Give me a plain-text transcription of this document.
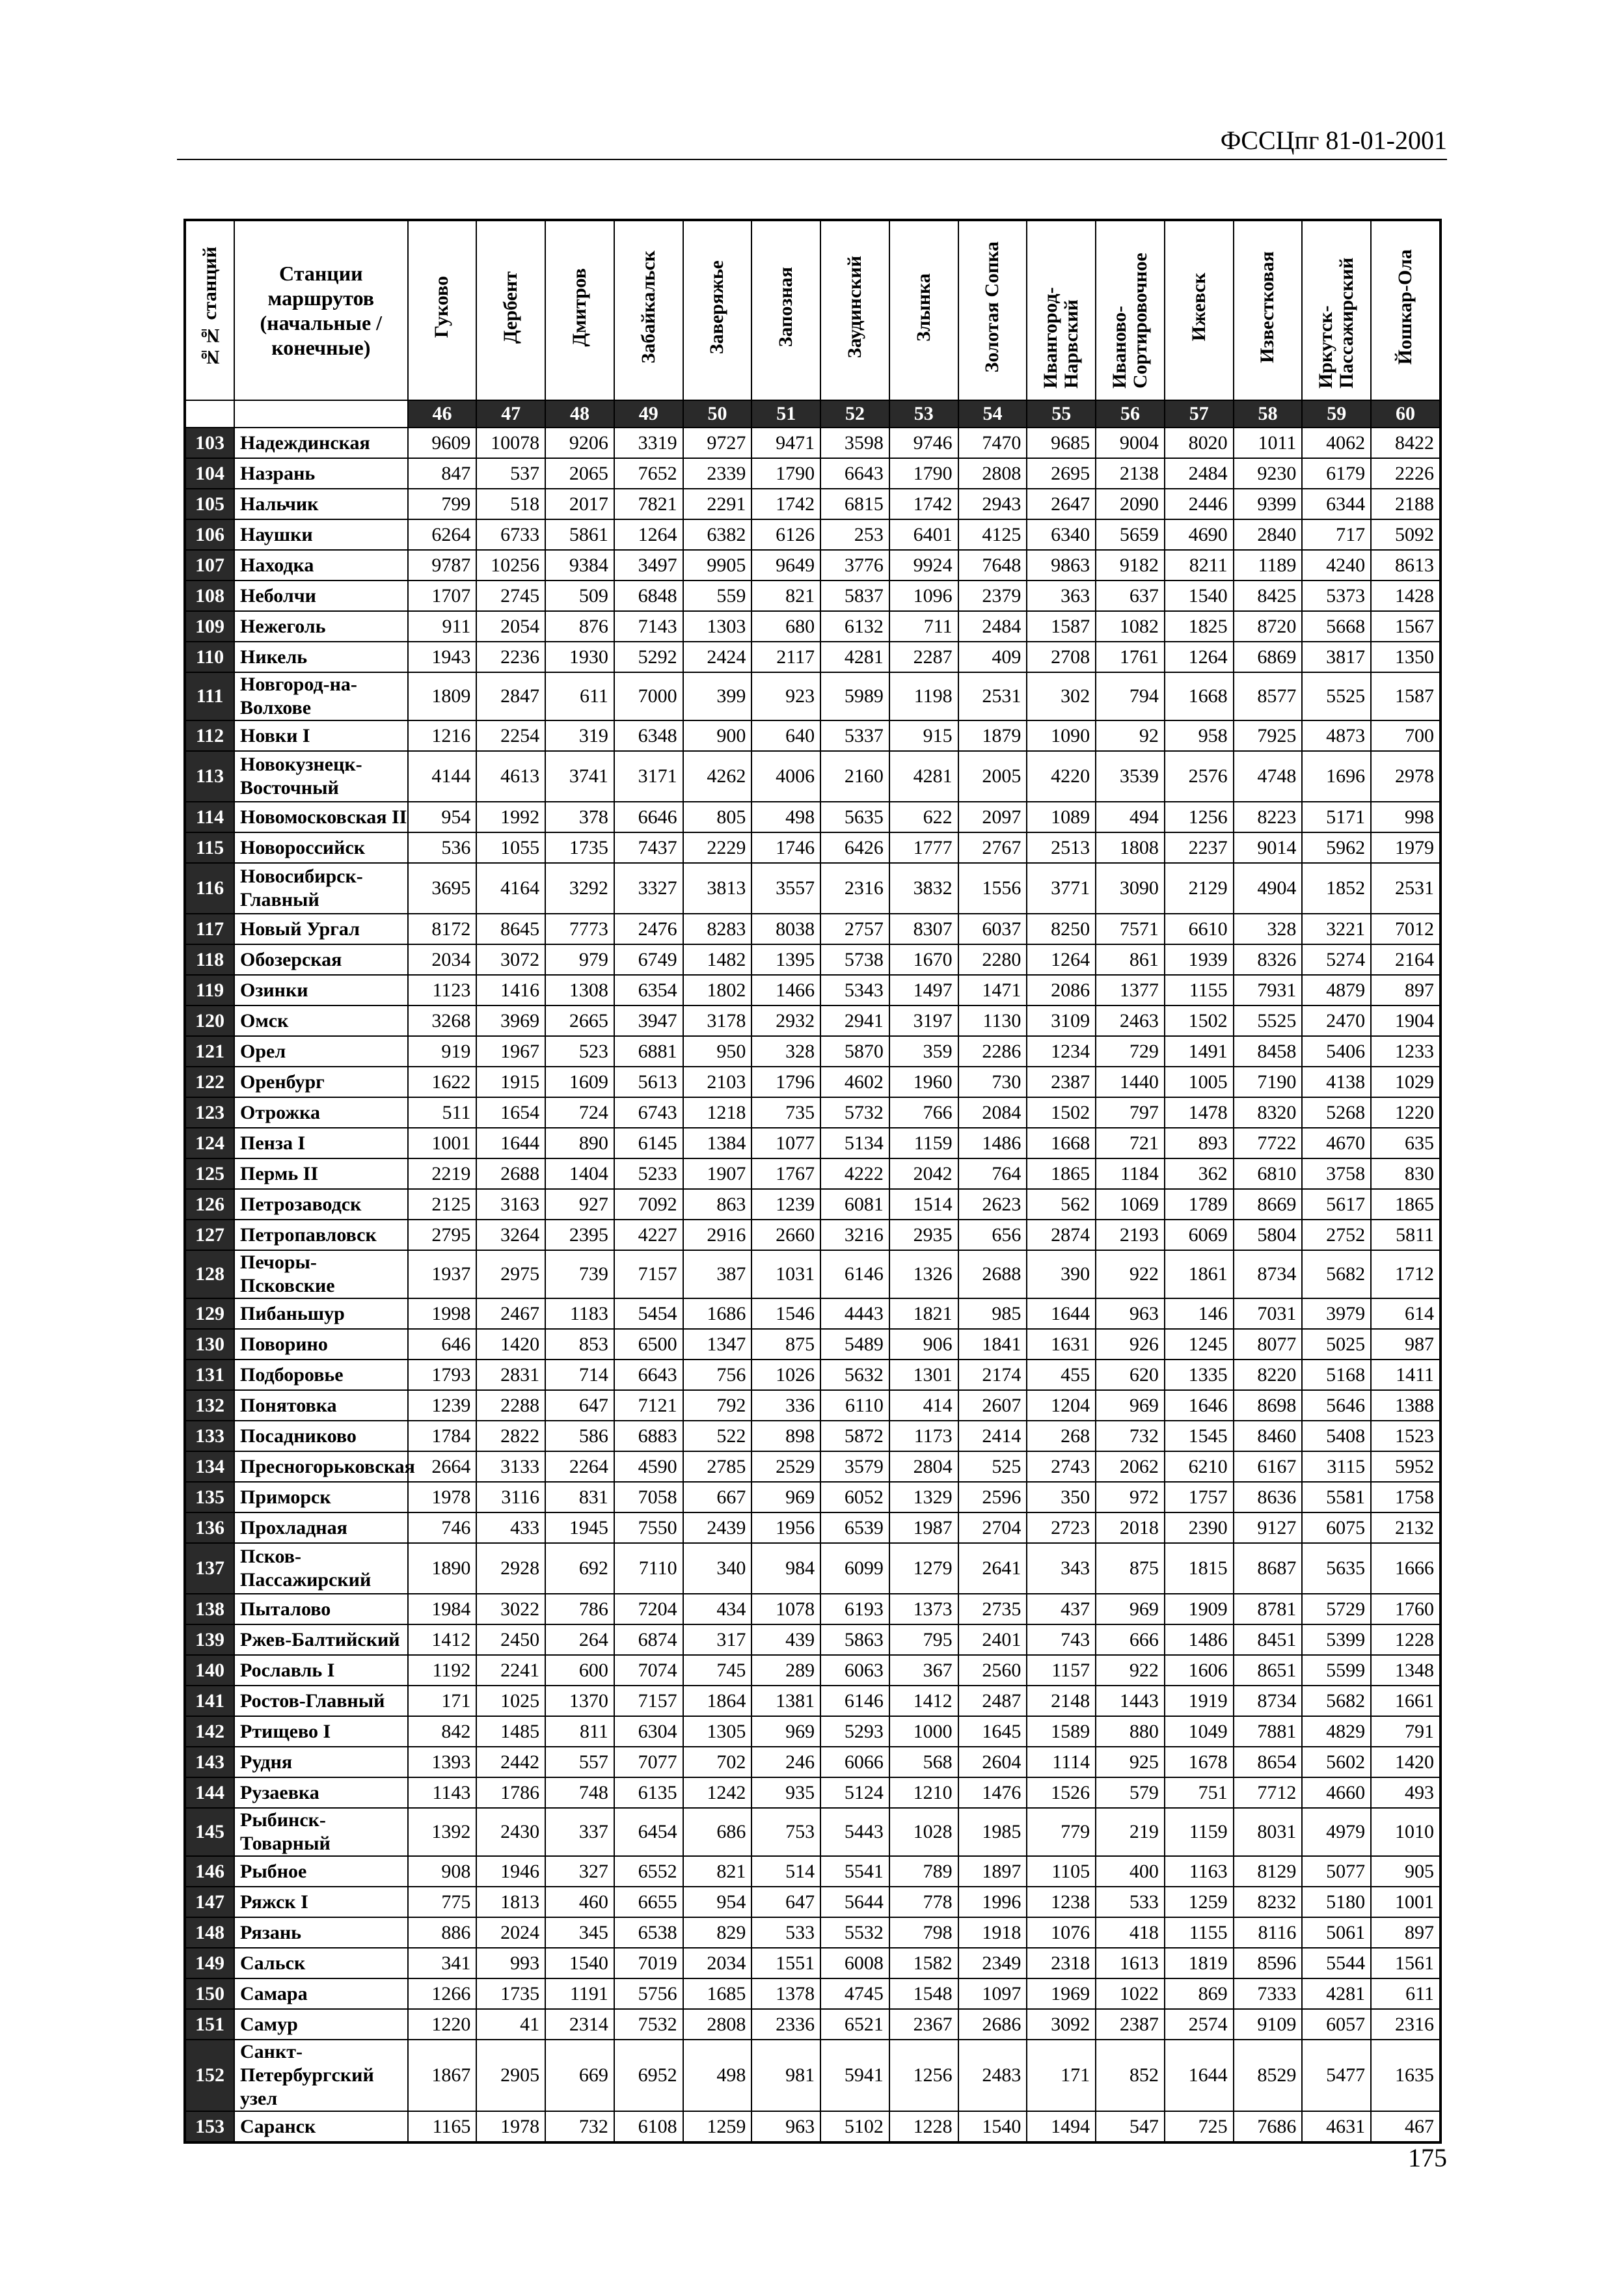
ФССЦпг 81-01-2001
№№ станций	Станции маршрутов (начальные / конечные)	Гуково	Дербент	Дмитров	Забайкальск	Заверяжье	Запозная	Заудинский	Злынка	Золотая Сопка	Ивангород-Нарвский	Иваново- Сортировочное	Ижевск	Известковая	Иркутск-Пассажирский	Йошкар-Ола

		46	47	48	49	50	51	52	53	54	55	56	57	58	59	60
103	Надеждинская	9609	10078	9206	3319	9727	9471	3598	9746	7470	9685	9004	8020	1011	4062	8422
104	Назрань	847	537	2065	7652	2339	1790	6643	1790	2808	2695	2138	2484	9230	6179	2226
105	Нальчик	799	518	2017	7821	2291	1742	6815	1742	2943	2647	2090	2446	9399	6344	2188
106	Наушки	6264	6733	5861	1264	6382	6126	253	6401	4125	6340	5659	4690	2840	717	5092
107	Находка	9787	10256	9384	3497	9905	9649	3776	9924	7648	9863	9182	8211	1189	4240	8613
108	Неболчи	1707	2745	509	6848	559	821	5837	1096	2379	363	637	1540	8425	5373	1428
109	Нежеголь	911	2054	876	7143	1303	680	6132	711	2484	1587	1082	1825	8720	5668	1567
110	Никель	1943	2236	1930	5292	2424	2117	4281	2287	409	2708	1761	1264	6869	3817	1350
111	Новгород-на-Волхове	1809	2847	611	7000	399	923	5989	1198	2531	302	794	1668	8577	5525	1587
112	Новки I	1216	2254	319	6348	900	640	5337	915	1879	1090	92	958	7925	4873	700
113	Новокузнецк-Восточный	4144	4613	3741	3171	4262	4006	2160	4281	2005	4220	3539	2576	4748	1696	2978
114	Новомосковская II	954	1992	378	6646	805	498	5635	622	2097	1089	494	1256	8223	5171	998
115	Новороссийск	536	1055	1735	7437	2229	1746	6426	1777	2767	2513	1808	2237	9014	5962	1979
116	Новосибирск-Главный	3695	4164	3292	3327	3813	3557	2316	3832	1556	3771	3090	2129	4904	1852	2531
117	Новый Ургал	8172	8645	7773	2476	8283	8038	2757	8307	6037	8250	7571	6610	328	3221	7012
118	Обозерская	2034	3072	979	6749	1482	1395	5738	1670	2280	1264	861	1939	8326	5274	2164
119	Озинки	1123	1416	1308	6354	1802	1466	5343	1497	1471	2086	1377	1155	7931	4879	897
120	Омск	3268	3969	2665	3947	3178	2932	2941	3197	1130	3109	2463	1502	5525	2470	1904
121	Орел	919	1967	523	6881	950	328	5870	359	2286	1234	729	1491	8458	5406	1233
122	Оренбург	1622	1915	1609	5613	2103	1796	4602	1960	730	2387	1440	1005	7190	4138	1029
123	Отрожка	511	1654	724	6743	1218	735	5732	766	2084	1502	797	1478	8320	5268	1220
124	Пенза I	1001	1644	890	6145	1384	1077	5134	1159	1486	1668	721	893	7722	4670	635
125	Пермь II	2219	2688	1404	5233	1907	1767	4222	2042	764	1865	1184	362	6810	3758	830
126	Петрозаводск	2125	3163	927	7092	863	1239	6081	1514	2623	562	1069	1789	8669	5617	1865
127	Петропавловск	2795	3264	2395	4227	2916	2660	3216	2935	656	2874	2193	6069	5804	2752	5811
128	Печоры-Псковские	1937	2975	739	7157	387	1031	6146	1326	2688	390	922	1861	8734	5682	1712
129	Пибаньшур	1998	2467	1183	5454	1686	1546	4443	1821	985	1644	963	146	7031	3979	614
130	Поворино	646	1420	853	6500	1347	875	5489	906	1841	1631	926	1245	8077	5025	987
131	Подборовье	1793	2831	714	6643	756	1026	5632	1301	2174	455	620	1335	8220	5168	1411
132	Понятовка	1239	2288	647	7121	792	336	6110	414	2607	1204	969	1646	8698	5646	1388
133	Посадниково	1784	2822	586	6883	522	898	5872	1173	2414	268	732	1545	8460	5408	1523
134	Пресногорьковская	2664	3133	2264	4590	2785	2529	3579	2804	525	2743	2062	6210	6167	3115	5952
135	Приморск	1978	3116	831	7058	667	969	6052	1329	2596	350	972	1757	8636	5581	1758
136	Прохладная	746	433	1945	7550	2439	1956	6539	1987	2704	2723	2018	2390	9127	6075	2132
137	Псков-Пассажирский	1890	2928	692	7110	340	984	6099	1279	2641	343	875	1815	8687	5635	1666
138	Пыталово	1984	3022	786	7204	434	1078	6193	1373	2735	437	969	1909	8781	5729	1760
139	Ржев-Балтийский	1412	2450	264	6874	317	439	5863	795	2401	743	666	1486	8451	5399	1228
140	Рославль I	1192	2241	600	7074	745	289	6063	367	2560	1157	922	1606	8651	5599	1348
141	Ростов-Главный	171	1025	1370	7157	1864	1381	6146	1412	2487	2148	1443	1919	8734	5682	1661
142	Ртищево I	842	1485	811	6304	1305	969	5293	1000	1645	1589	880	1049	7881	4829	791
143	Рудня	1393	2442	557	7077	702	246	6066	568	2604	1114	925	1678	8654	5602	1420
144	Рузаевка	1143	1786	748	6135	1242	935	5124	1210	1476	1526	579	751	7712	4660	493
145	Рыбинск-Товарный	1392	2430	337	6454	686	753	5443	1028	1985	779	219	1159	8031	4979	1010
146	Рыбное	908	1946	327	6552	821	514	5541	789	1897	1105	400	1163	8129	5077	905
147	Ряжск I	775	1813	460	6655	954	647	5644	778	1996	1238	533	1259	8232	5180	1001
148	Рязань	886	2024	345	6538	829	533	5532	798	1918	1076	418	1155	8116	5061	897
149	Сальск	341	993	1540	7019	2034	1551	6008	1582	2349	2318	1613	1819	8596	5544	1561
150	Самара	1266	1735	1191	5756	1685	1378	4745	1548	1097	1969	1022	869	7333	4281	611
151	Самур	1220	41	2314	7532	2808	2336	6521	2367	2686	3092	2387	2574	9109	6057	2316
152	Санкт-Петербургский узел	1867	2905	669	6952	498	981	5941	1256	2483	171	852	1644	8529	5477	1635
153	Саранск	1165	1978	732	6108	1259	963	5102	1228	1540	1494	547	725	7686	4631	467
175
